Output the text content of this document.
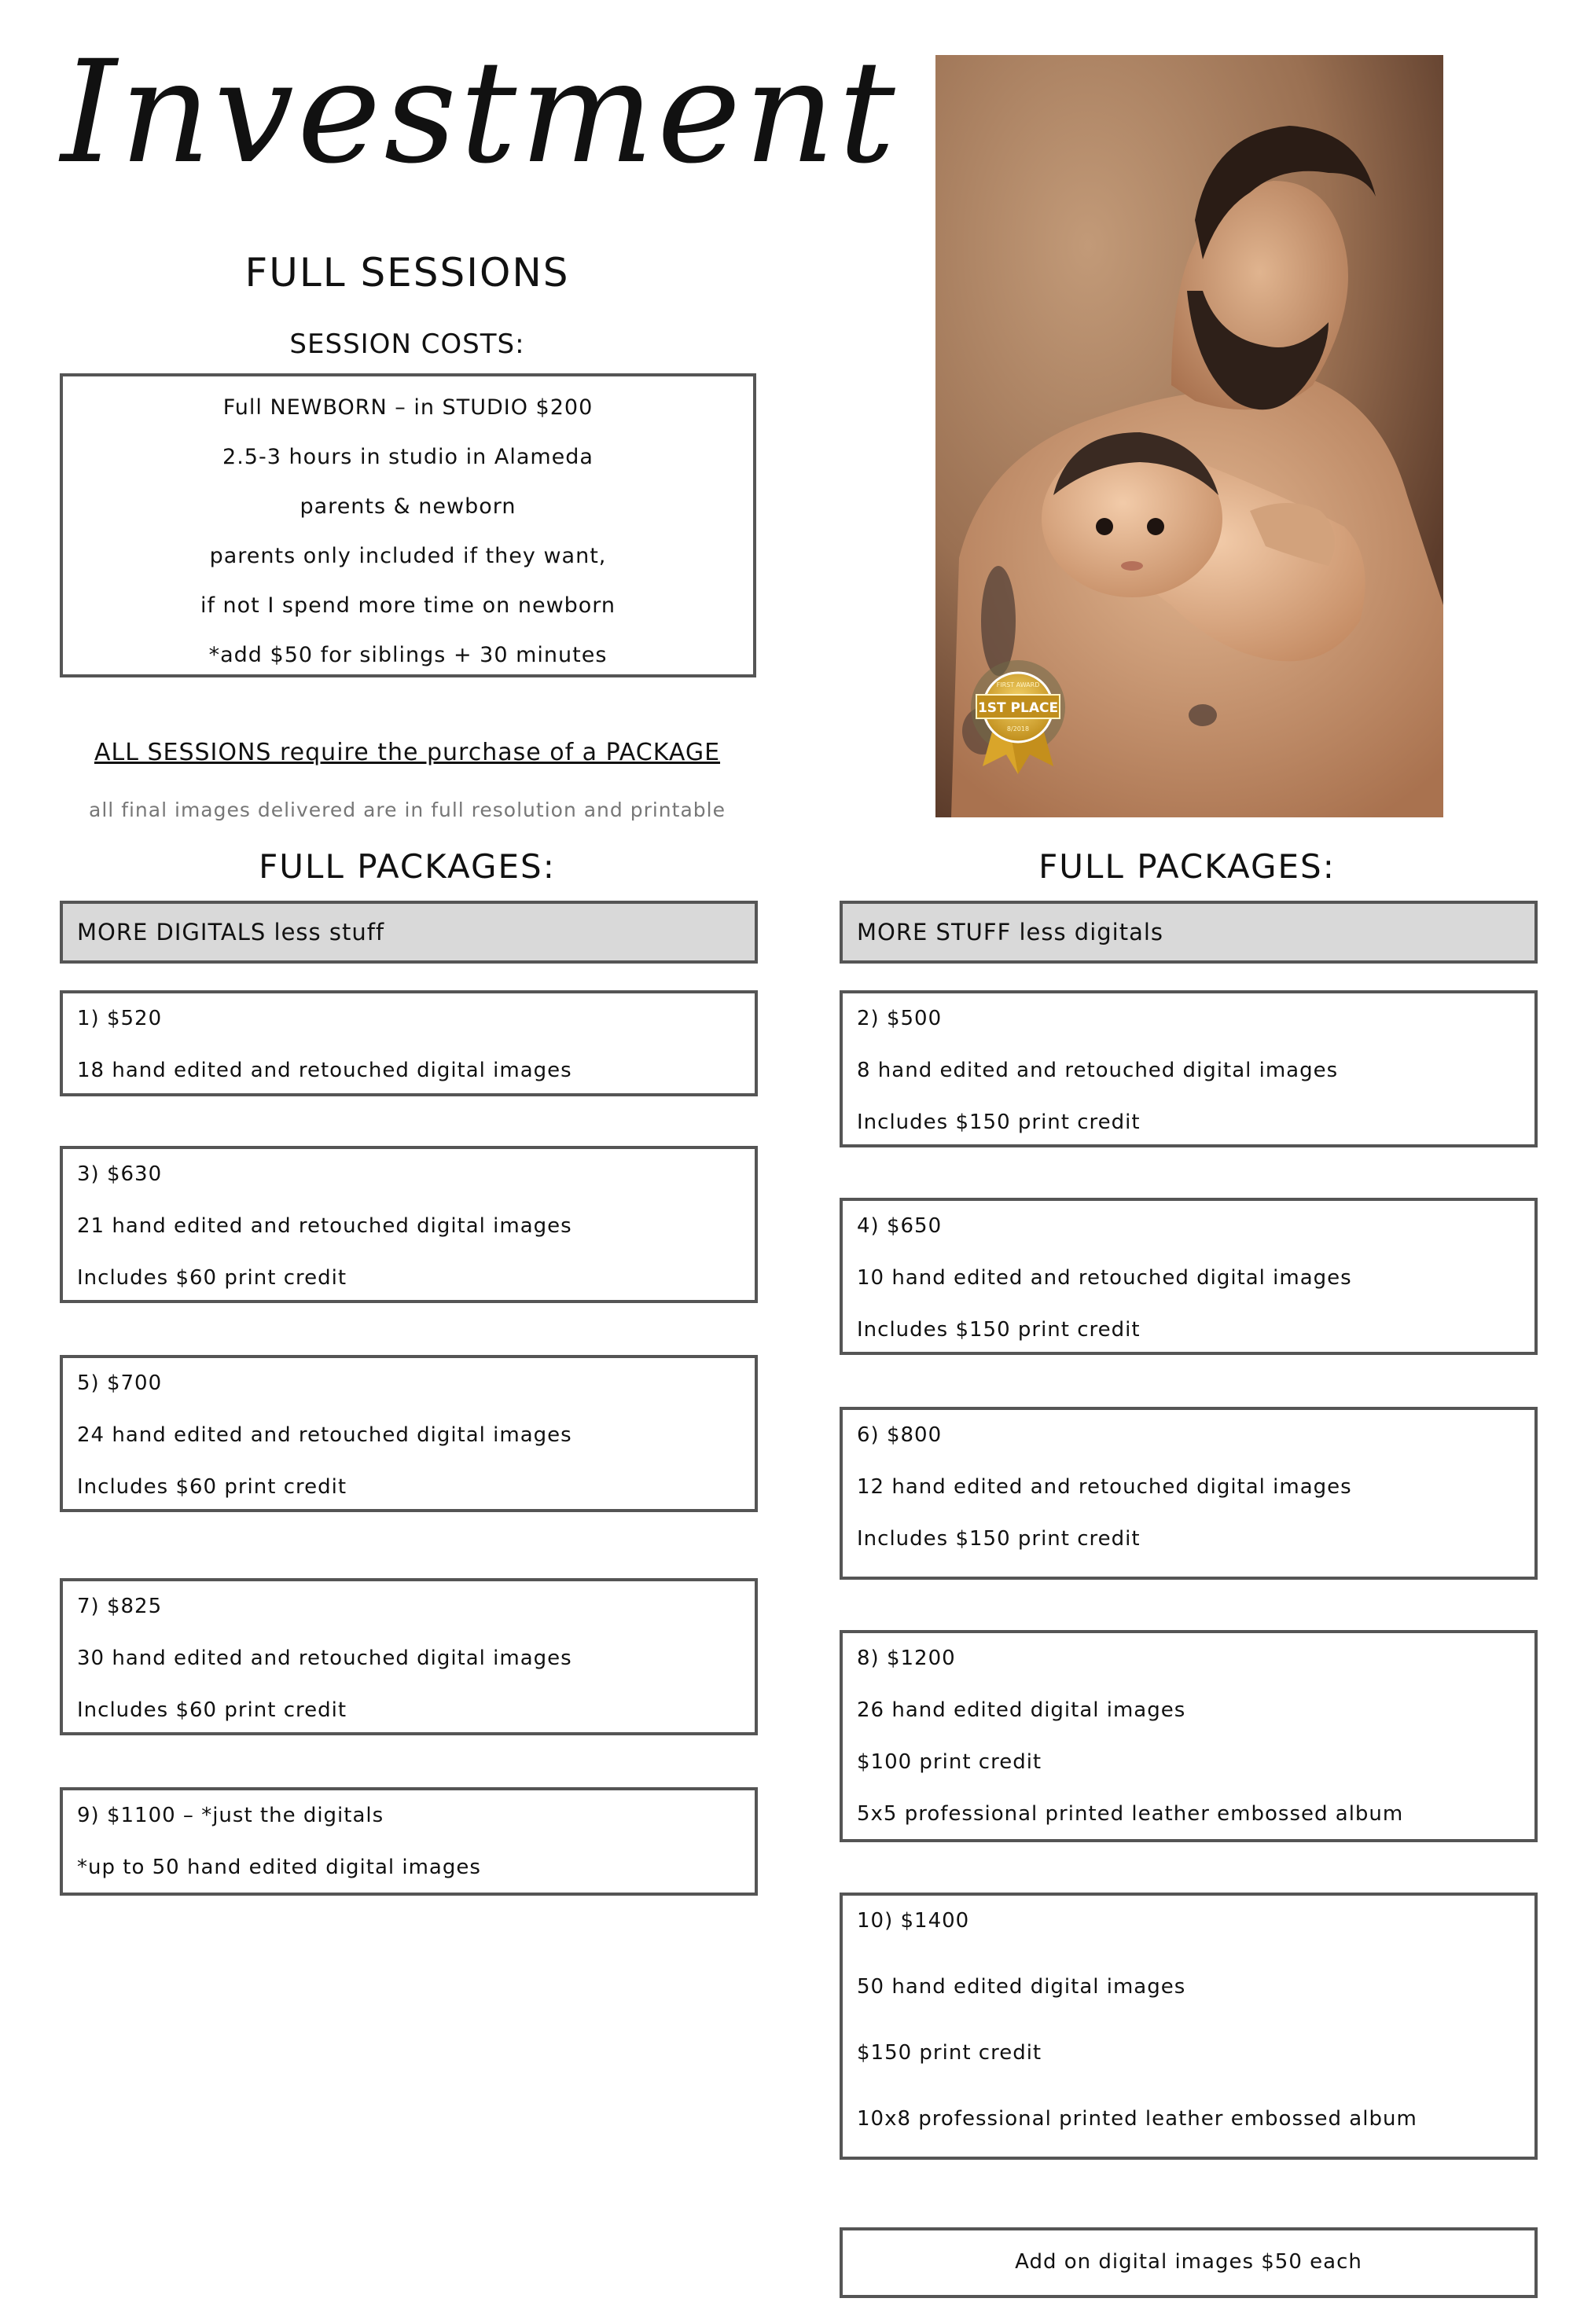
Investment
FULL SESSIONS
SESSION COSTS:
Full NEWBORN – in STUDIO $200
2.5-3 hours in studio in Alameda
parents & newborn
parents only included if they want,
if not I spend more time on newborn
*add $50 for siblings + 30 minutes
ALL SESSIONS require the purchase of a PACKAGE
all final images delivered are in full resolution and printable
1ST PLACE
FIRST AWARD
8/2018
FULL PACKAGES:	FULL PACKAGES:
MORE DIGITALS less stuff	MORE STUFF less digitals
1) $520
18 hand edited and retouched digital images
3) $630
21 hand edited and retouched digital images
Includes $60 print credit
5) $700
24 hand edited and retouched digital images
Includes $60 print credit
7) $825
30 hand edited and retouched digital images
Includes $60 print credit
9) $1100 – *just the digitals
*up to 50 hand edited digital images
2) $500
8 hand edited and retouched digital images
Includes $150 print credit
4) $650
10 hand edited and retouched digital images
Includes $150 print credit
6) $800
12 hand edited and retouched digital images
Includes $150 print credit
8) $1200
26 hand edited digital images
$100 print credit
5x5 professional printed leather embossed album
10) $1400
50 hand edited digital images
$150 print credit
10x8 professional printed leather embossed album
Add on digital images $50 each
